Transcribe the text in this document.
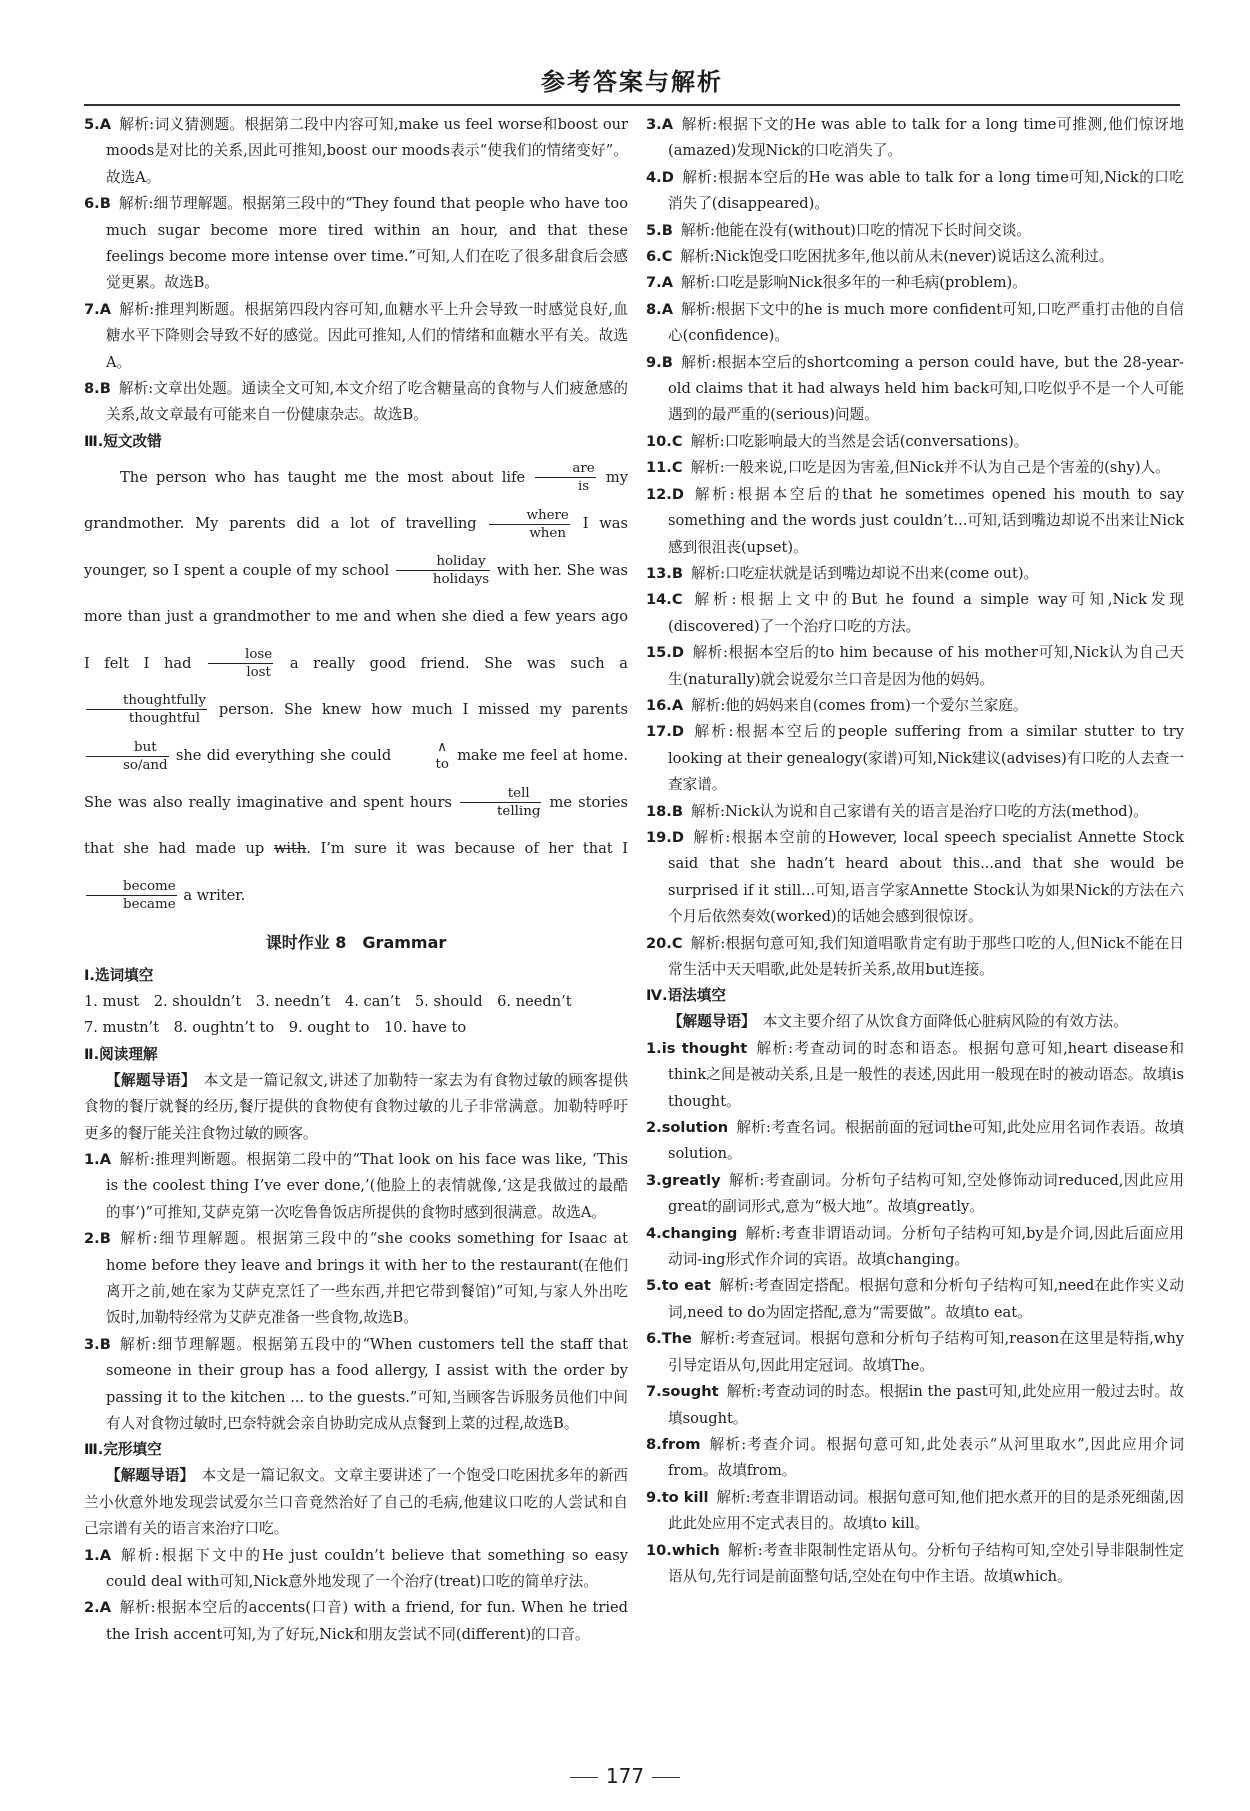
参考答案与解析

5.A 解析:词义猜测题。根据第二段中内容可知,make us feel worse和boost our moods是对比的关系,因此可推知,boost our moods表示“使我们的情绪变好”。故选A。

6.B 解析:细节理解题。根据第三段中的“They found that people who have too much sugar become more tired within an hour, and that these feelings become more intense over time.”可知,人们在吃了很多甜食后会感觉更累。故选B。

7.A 解析:推理判断题。根据第四段内容可知,血糖水平上升会导致一时感觉良好,血糖水平下降则会导致不好的感觉。因此可推知,人们的情绪和血糖水平有关。故选A。

8.B 解析:文章出处题。通读全文可知,本文介绍了吃含糖量高的食物与人们疲惫感的关系,故文章最有可能来自一份健康杂志。故选B。

Ⅲ.短文改错

The person who has taught me the most about life	are
is
my grandmother. My parents did a lot of travelling	where
when
I was younger, so I spent a couple of my school	holiday
holidays
with her. She was more than just a grandmother to me and when she died a few years ago I felt I had	lose
lost
a really good friend. She was such a
thoughtfully
thoughtful
person. She knew how much I missed my parents
but
so/and
she did everything she could	∧
to
make me feel at home. She was also really imaginative and spent hours	tell
telling
me stories that she had made up with. I’m sure it was because of her that I
become
became
a writer.

课时作业 8　Grammar

Ⅰ.选词填空

1. must　2. shouldn’t　3. needn’t　4. can’t　5. should　6. needn’t

7. mustn’t　8. oughtn’t to　9. ought to　10. have to

Ⅱ.阅读理解

【解题导语】　 本文是一篇记叙文,讲述了加勒特一家去为有食物过敏的顾客提供食物的餐厅就餐的经历,餐厅提供的食物使有食物过敏的儿子非常满意。加勒特呼吁更多的餐厅能关注食物过敏的顾客。

1.A 解析:推理判断题。根据第二段中的“That look on his face was like, ‘This is the coolest thing I’ve ever done,’(他脸上的表情就像,‘这是我做过的最酷的事’)”可推知,艾萨克第一次吃鲁鲁饭店所提供的食物时感到很满意。故选A。

2.B 解析:细节理解题。根据第三段中的“she cooks something for Isaac at home before they leave and brings it with her to the restaurant(在他们离开之前,她在家为艾萨克烹饪了一些东西,并把它带到餐馆)”可知,与家人外出吃饭时,加勒特经常为艾萨克准备一些食物,故选B。

3.B 解析:细节理解题。根据第五段中的“When customers tell the staff that someone in their group has a food allergy, I assist with the order by passing it to the kitchen ... to the guests.”可知,当顾客告诉服务员他们中间有人对食物过敏时,巴奈特就会亲自协助完成从点餐到上菜的过程,故选B。

Ⅲ.完形填空

【解题导语】　 本文是一篇记叙文。文章主要讲述了一个饱受口吃困扰多年的新西兰小伙意外地发现尝试爱尔兰口音竟然治好了自己的毛病,他建议口吃的人尝试和自己宗谱有关的语言来治疗口吃。

1.A 解析:根据下文中的He just couldn’t believe that something so easy could deal with可知,Nick意外地发现了一个治疗(treat)口吃的简单疗法。

2.A 解析:根据本空后的accents(口音) with a friend, for fun. When he tried the Irish accent可知,为了好玩,Nick和朋友尝试不同(different)的口音。

3.A 解析:根据下文的He was able to talk for a long time可推测,他们惊讶地(amazed)发现Nick的口吃消失了。

4.D 解析:根据本空后的He was able to talk for a long time可知,Nick的口吃消失了(disappeared)。

5.B 解析:他能在没有(without)口吃的情况下长时间交谈。

6.C 解析:Nick饱受口吃困扰多年,他以前从未(never)说话这么流利过。

7.A 解析:口吃是影响Nick很多年的一种毛病(problem)。

8.A 解析:根据下文中的he is much more confident可知,口吃严重打击他的自信心(confidence)。

9.B 解析:根据本空后的shortcoming a person could have, but the 28-year-old claims that it had always held him back可知,口吃似乎不是一个人可能遇到的最严重的(serious)问题。

10.C 解析:口吃影响最大的当然是会话(conversations)。

11.C 解析:一般来说,口吃是因为害羞,但Nick并不认为自己是个害羞的(shy)人。

12.D 解析:根据本空后的that he sometimes opened his mouth to say something and the words just couldn’t...可知,话到嘴边却说不出来让Nick感到很沮丧(upset)。

13.B 解析:口吃症状就是话到嘴边却说不出来(come out)。

14.C 解析:根据上文中的But he found a simple way可知,Nick发现(discovered)了一个治疗口吃的方法。

15.D 解析:根据本空后的to him because of his mother可知,Nick认为自己天生(naturally)就会说爱尔兰口音是因为他的妈妈。

16.A 解析:他的妈妈来自(comes from)一个爱尔兰家庭。

17.D 解析:根据本空后的people suffering from a similar stutter to try looking at their genealogy(家谱)可知,Nick建议(advises)有口吃的人去查一查家谱。

18.B 解析:Nick认为说和自己家谱有关的语言是治疗口吃的方法(method)。

19.D 解析:根据本空前的However, local speech specialist Annette Stock said that she hadn’t heard about this...and that she would be surprised if it still...可知,语言学家Annette Stock认为如果Nick的方法在六个月后依然奏效(worked)的话她会感到很惊讶。

20.C 解析:根据句意可知,我们知道唱歌肯定有助于那些口吃的人,但Nick不能在日常生活中天天唱歌,此处是转折关系,故用but连接。

Ⅳ.语法填空

【解题导语】　 本文主要介绍了从饮食方面降低心脏病风险的有效方法。

1.is thought 解析:考查动词的时态和语态。根据句意可知,heart disease和think之间是被动关系,且是一般性的表述,因此用一般现在时的被动语态。故填is thought。

2.solution 解析:考查名词。根据前面的冠词the可知,此处应用名词作表语。故填solution。

3.greatly 解析:考查副词。分析句子结构可知,空处修饰动词reduced,因此应用great的副词形式,意为“极大地”。故填greatly。

4.changing 解析:考查非谓语动词。分析句子结构可知,by是介词,因此后面应用动词-ing形式作介词的宾语。故填changing。

5.to eat 解析:考查固定搭配。根据句意和分析句子结构可知,need在此作实义动词,need to do为固定搭配,意为“需要做”。故填to eat。

6.The 解析:考查冠词。根据句意和分析句子结构可知,reason在这里是特指,why引导定语从句,因此用定冠词。故填The。

7.sought 解析:考查动词的时态。根据in the past可知,此处应用一般过去时。故填sought。

8.from 解析:考查介词。根据句意可知,此处表示“从河里取水”,因此应用介词from。故填from。

9.to kill 解析:考查非谓语动词。根据句意可知,他们把水煮开的目的是杀死细菌,因此此处应用不定式表目的。故填to kill。

10.which 解析:考查非限制性定语从句。分析句子结构可知,空处引导非限制性定语从句,先行词是前面整句话,空处在句中作主语。故填which。

177
